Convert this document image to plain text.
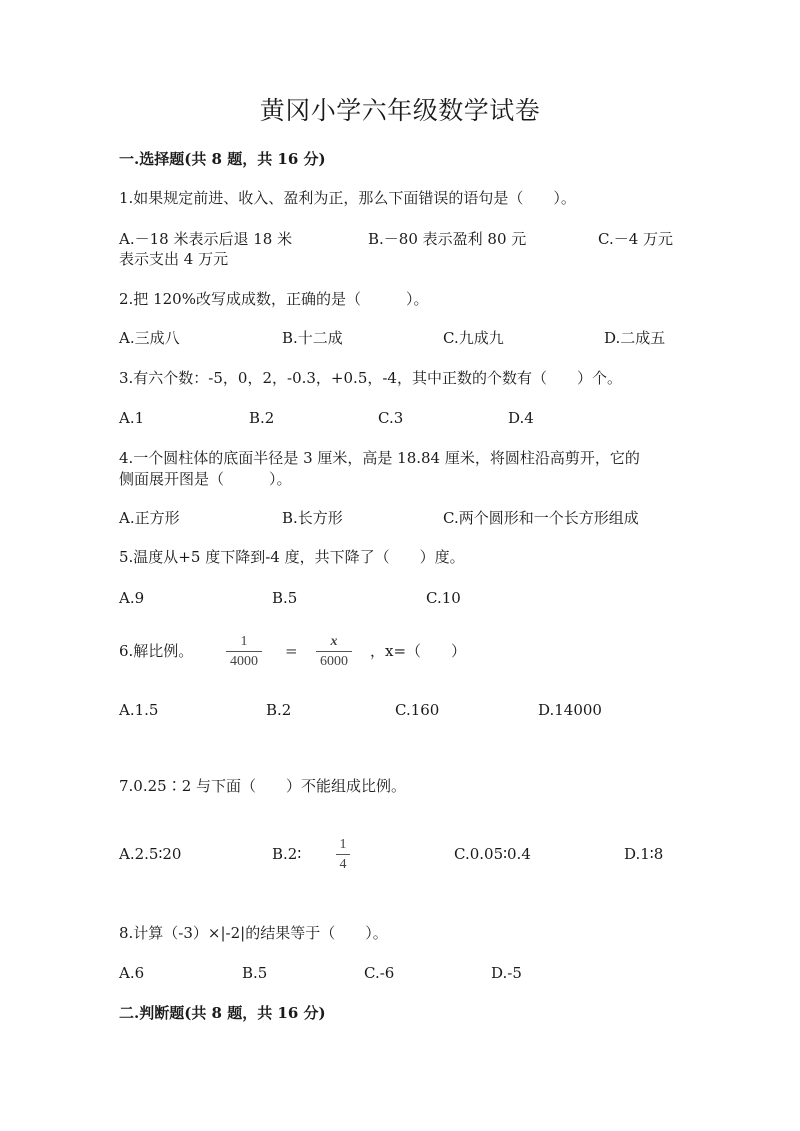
黄冈小学六年级数学试卷
一.选择题(共 8 题，共 16 分)
1.如果规定前进、收入、盈利为正，那么下面错误的语句是（　　）。
A.－18 米表示后退 18 米	B.－80 表示盈利 80 元	C.－4 万元
表示支出 4 万元
2.把 120%改写成成数，正确的是（　　　）。
A.三成八	B.十二成	C.九成九	D.二成五
3.有六个数：-5，0，2，-0.3，+0.5，-4，其中正数的个数有（　　）个。
A.1	B.2	C.3	D.4
4.一个圆柱体的底面半径是 3 厘米，高是 18.84 厘米，将圆柱沿高剪开，它的
侧面展开图是（　　　）。
A.正方形	B.长方形	C.两个圆形和一个长方形组成
5.温度从+5 度下降到-4 度，共下降了（　　）度。
A.9	B.5	C.10
6.解比例。
1
4000
=
x
6000
，x=（　　）
A.1.5	B.2	C.160	D.14000
7.0.25∶2 与下面（　　）不能组成比例。
A.2.5∶20	B.2∶
1
4
C.0.05∶0.4	D.1∶8
8.计算（-3）×|-2|的结果等于（　　）。
A.6	B.5	C.-6	D.-5
二.判断题(共 8 题，共 16 分)
